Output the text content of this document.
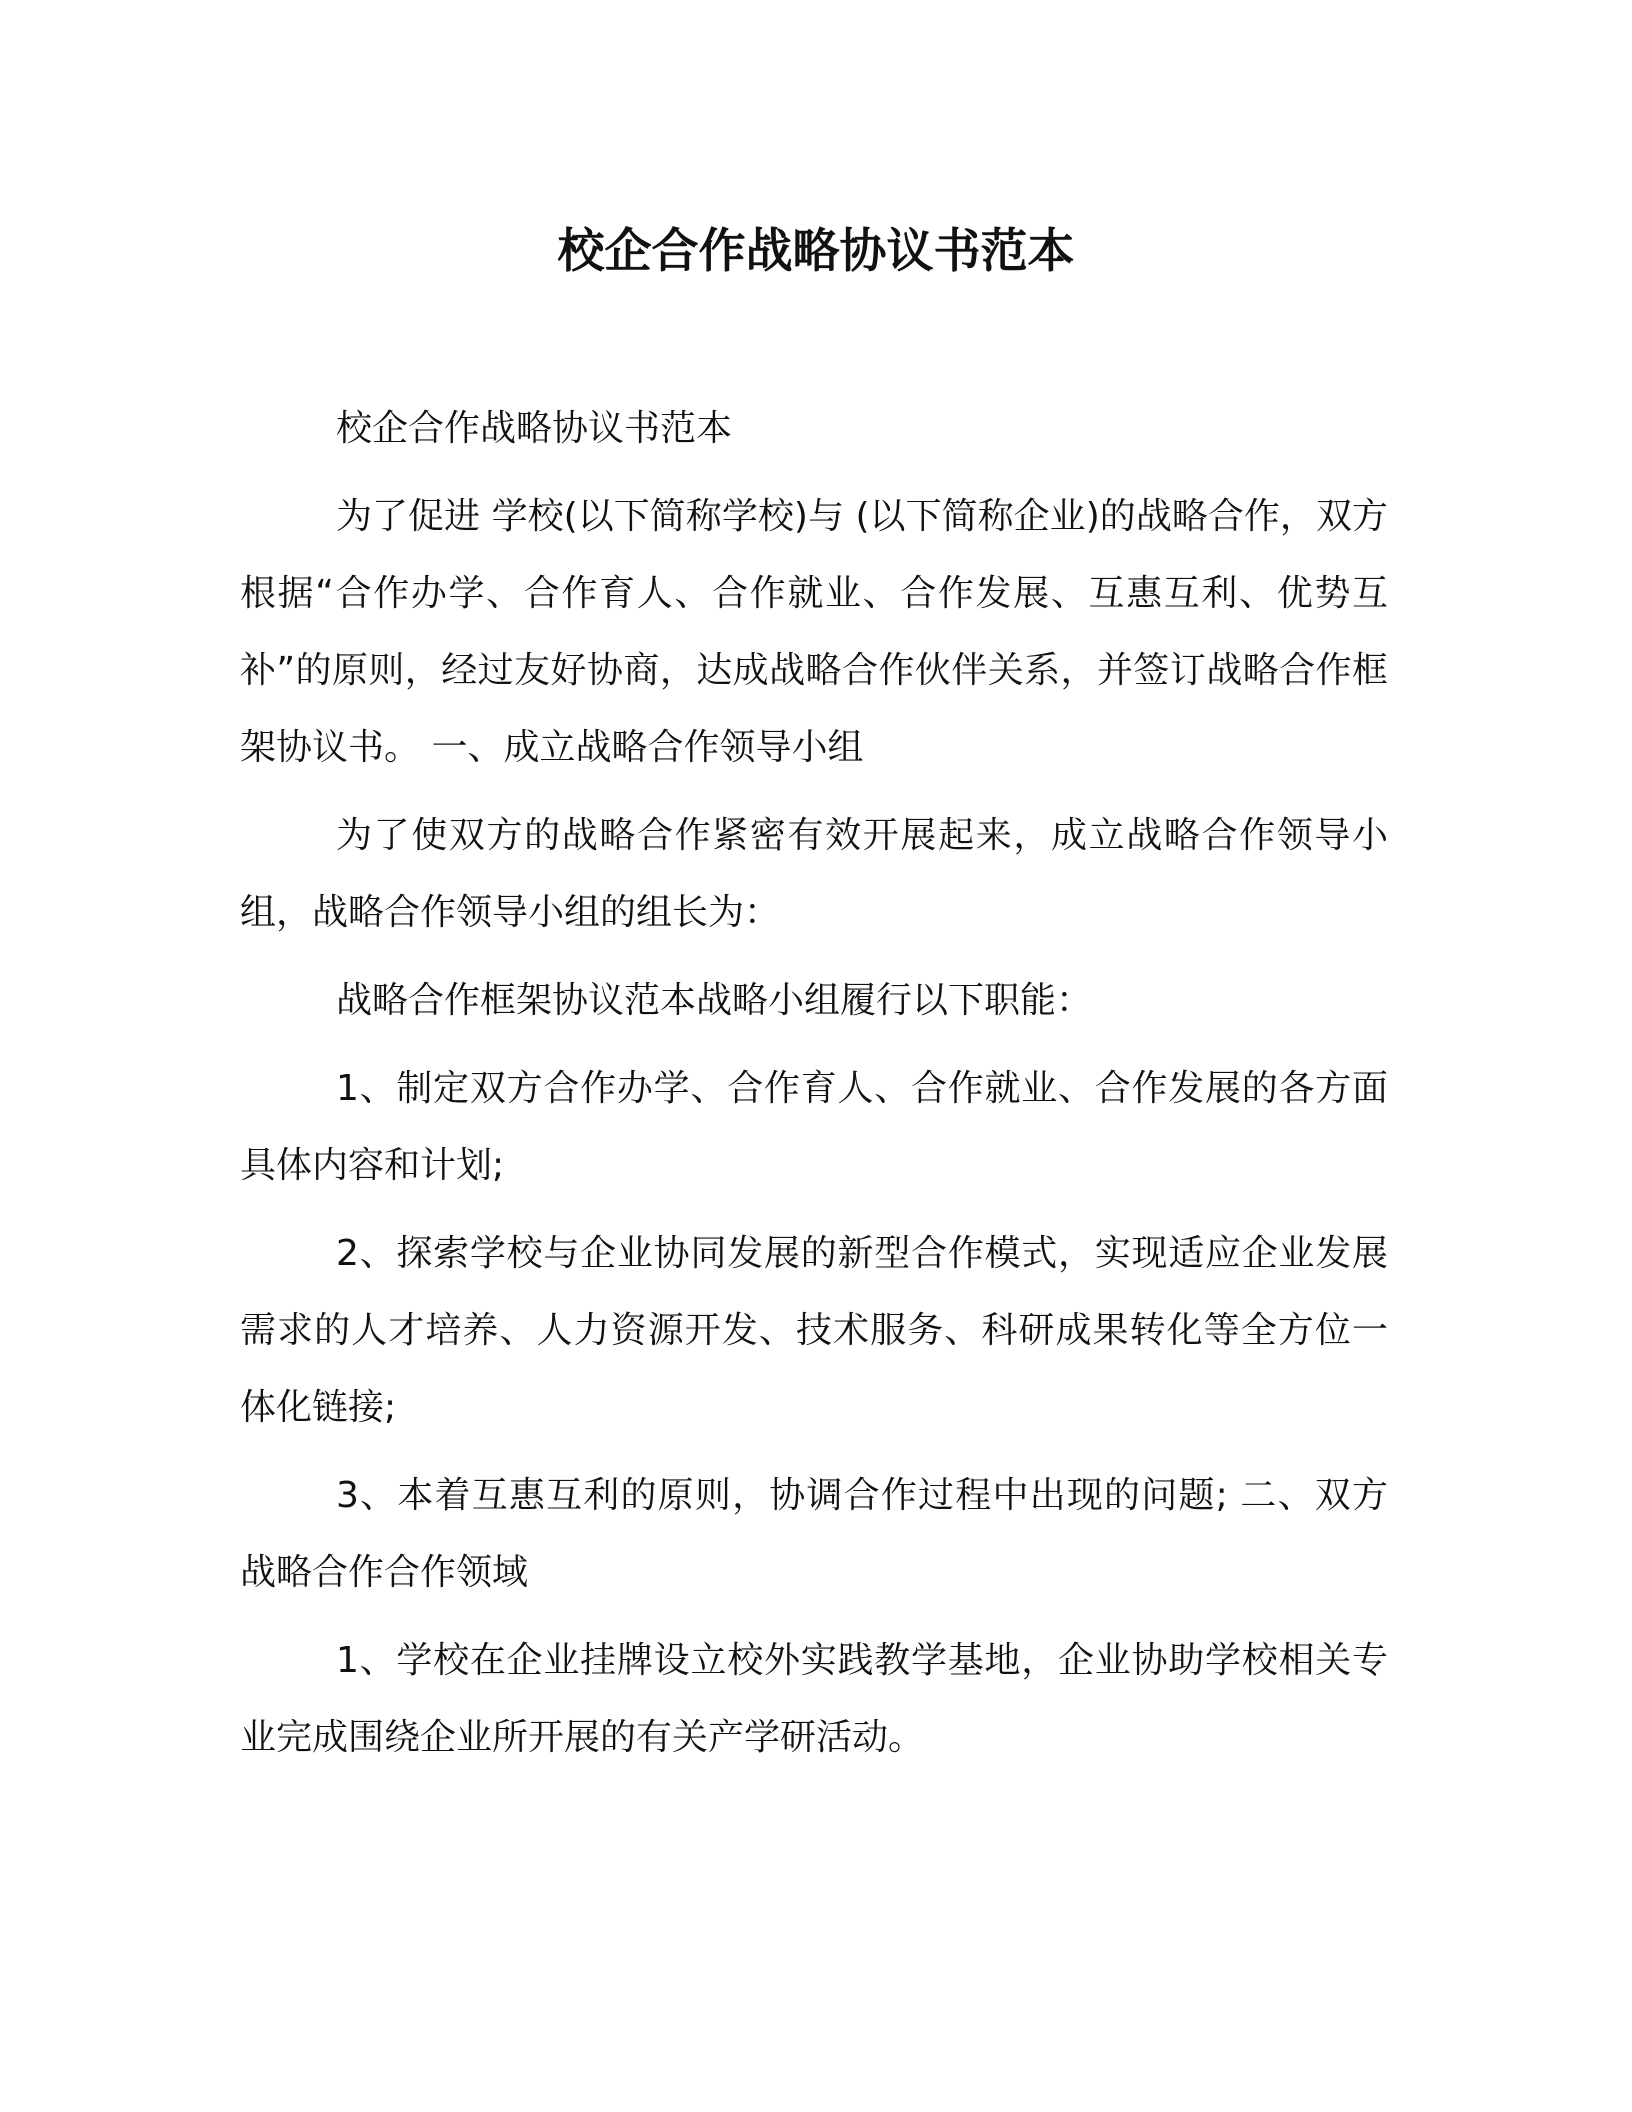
校企合作战略协议书范本

校企合作战略协议书范本

为了促进 学校(以下简称学校)与 (以下简称企业)的战略合作，双方根据“合作办学、合作育人、合作就业、合作发展、互惠互利、优势互补”的原则，经过友好协商，达成战略合作伙伴关系，并签订战略合作框架协议书。 一、成立战略合作领导小组

为了使双方的战略合作紧密有效开展起来，成立战略合作领导小组，战略合作领导小组的组长为：

战略合作框架协议范本战略小组履行以下职能：

1、制定双方合作办学、合作育人、合作就业、合作发展的各方面具体内容和计划;

2、探索学校与企业协同发展的新型合作模式，实现适应企业发展需求的人才培养、人力资源开发、技术服务、科研成果转化等全方位一体化链接;

3、本着互惠互利的原则，协调合作过程中出现的问题; 二、双方战略合作合作领域

1、学校在企业挂牌设立校外实践教学基地，企业协助学校相关专业完成围绕企业所开展的有关产学研活动。
